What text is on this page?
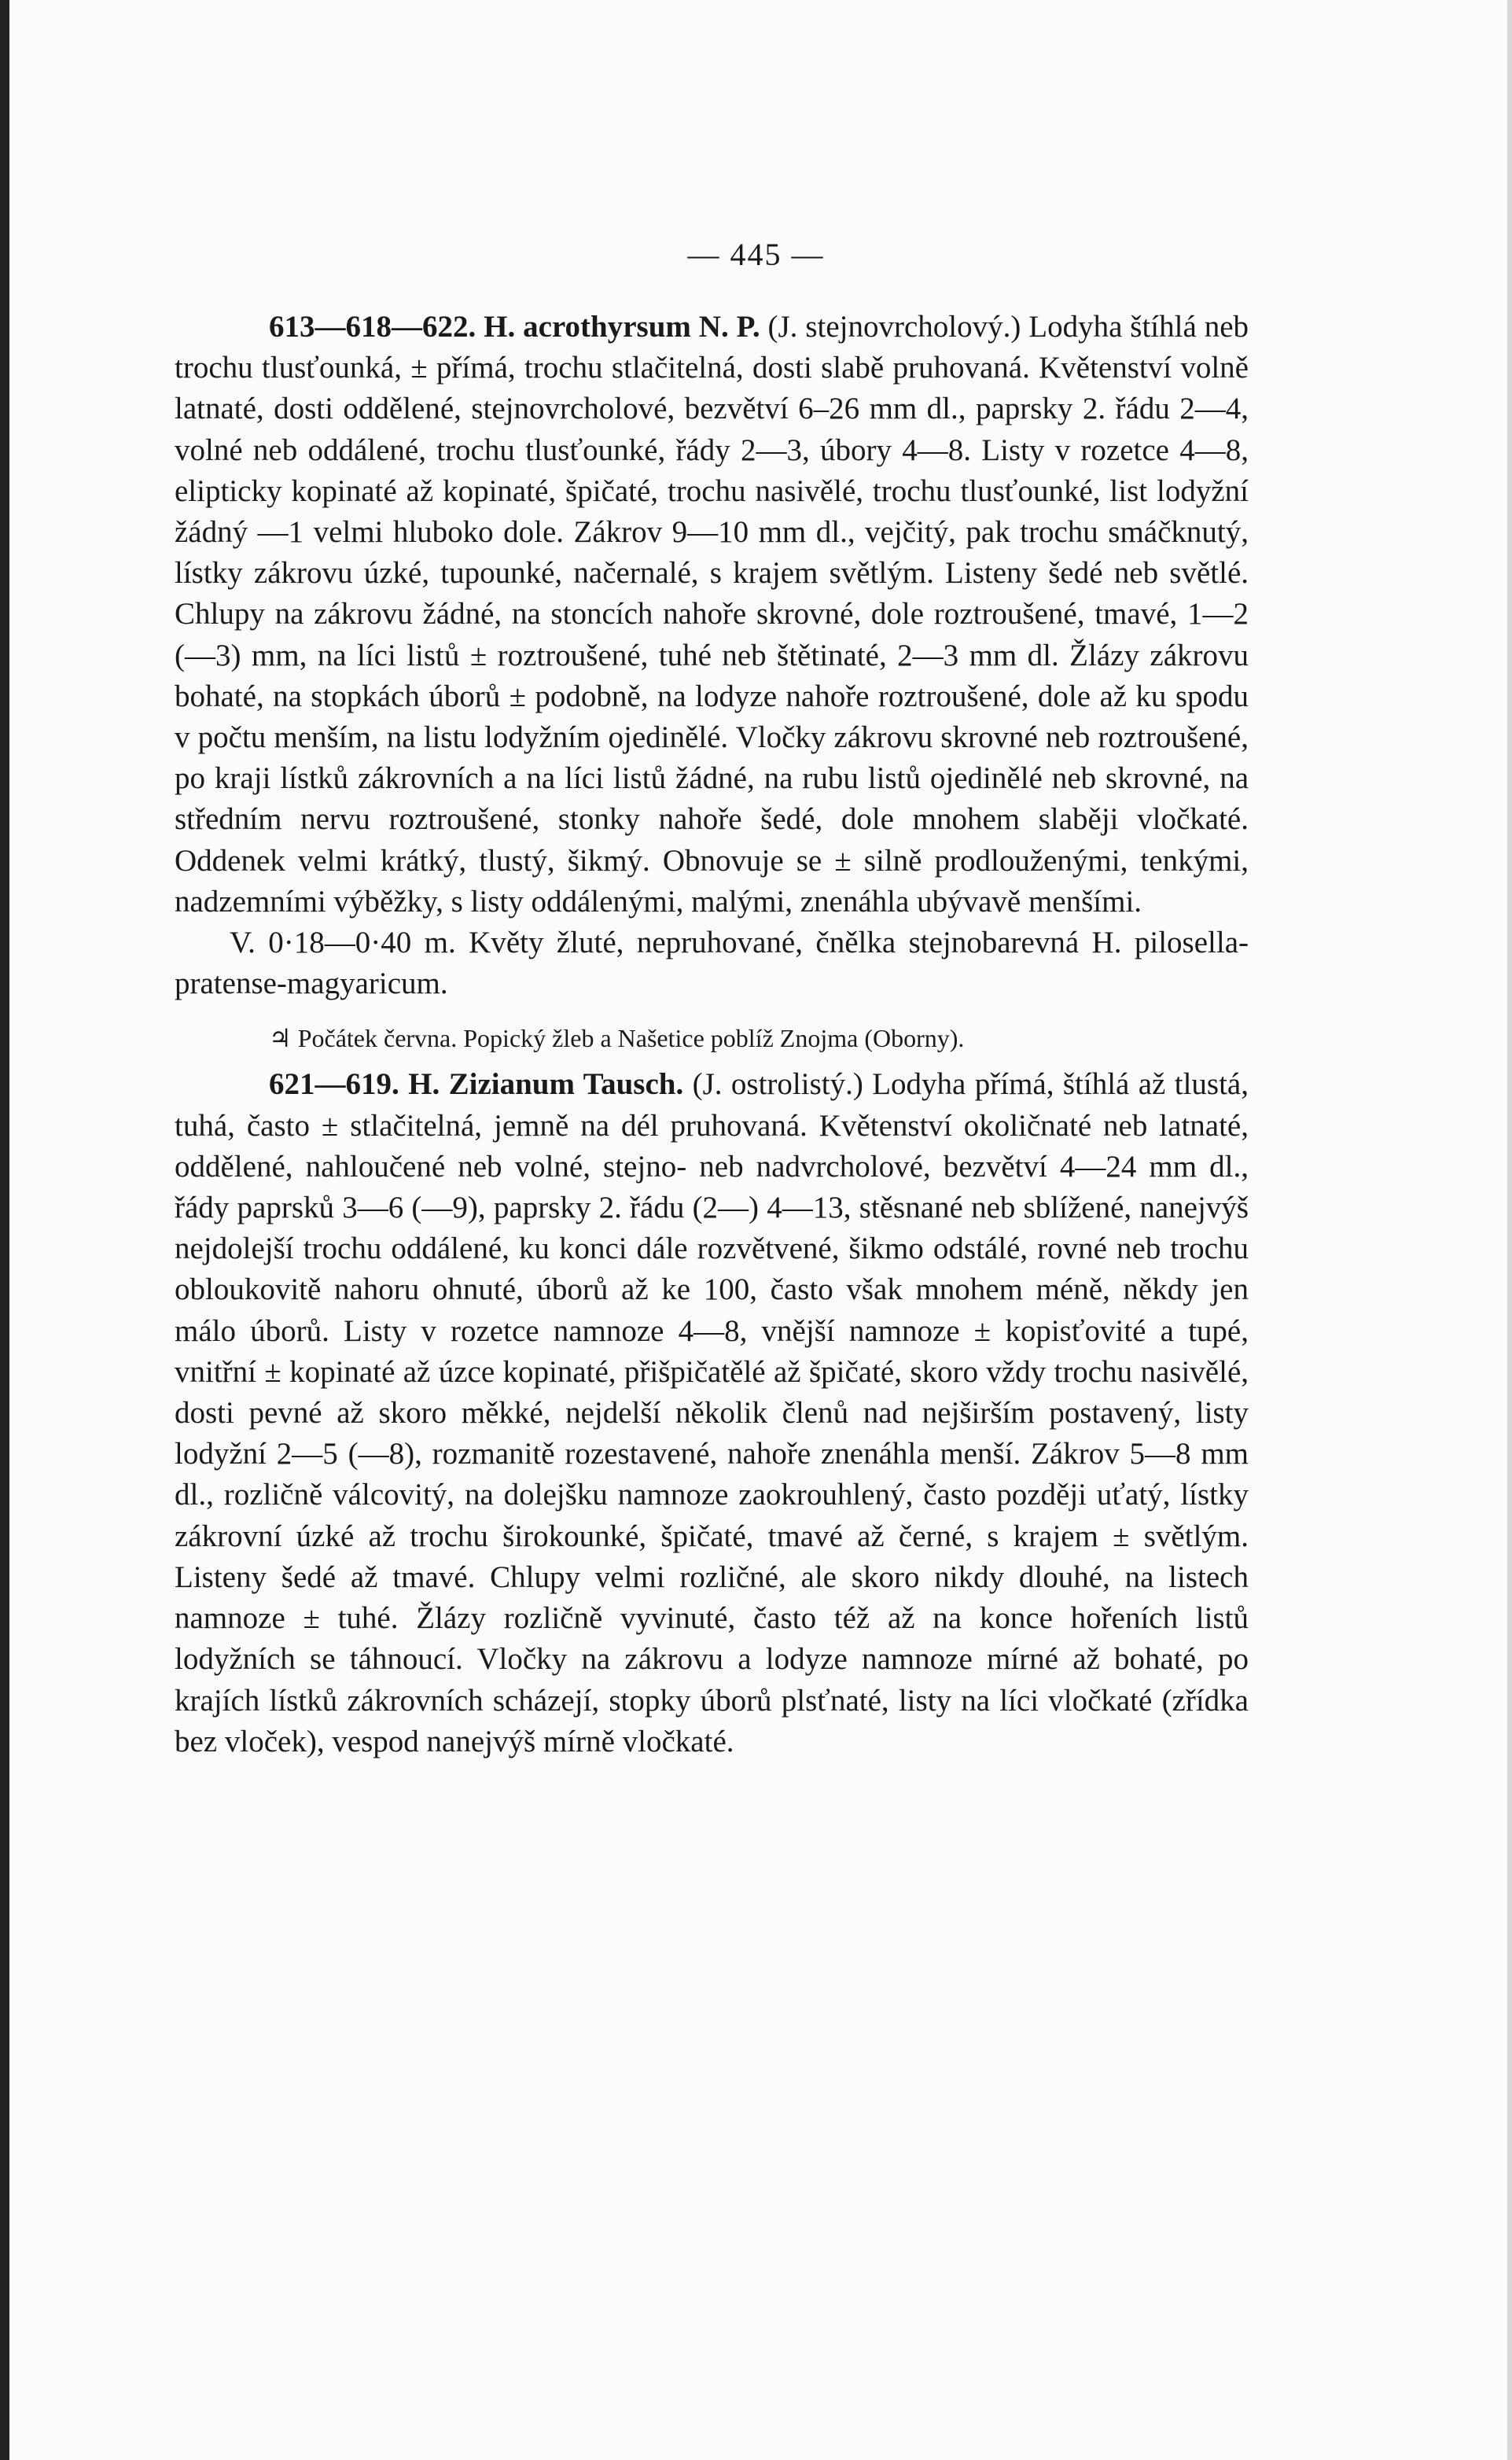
— 445 —

613—618—622. H. acrothyrsum N. P. (J. stejnovrcholový.) Lodyha štíhlá neb trochu tlusťounká, ± přímá, trochu stlačitelná, dosti slabě pruhovaná. Květenství volně latnaté, dosti oddělené, stejnovrcholové, bezvětví 6–26 mm dl., paprsky 2. řádu 2—4, volné neb oddálené, trochu tlusťounké, řády 2—3, úbory 4—8. Listy v rozetce 4—8, elipticky kopinaté až kopinaté, špičaté, trochu nasivělé, trochu tlusťounké, list lodyžní žádný —1 velmi hluboko dole. Zákrov 9—10 mm dl., vejčitý, pak trochu smáčknutý, lístky zákrovu úzké, tupounké, načernalé, s krajem světlým. Listeny šedé neb světlé. Chlupy na zákrovu žádné, na stoncích nahoře skrovné, dole roztroušené, tmavé, 1—2 (—3) mm, na líci listů ± roztroušené, tuhé neb štětinaté, 2—3 mm dl. Žlázy zákrovu bohaté, na stopkách úborů ± podobně, na lodyze nahoře roztroušené, dole až ku spodu v počtu menším, na listu lodyžním ojedinělé. Vločky zákrovu skrovné neb roztroušené, po kraji lístků zákrovních a na líci listů žádné, na rubu listů ojedinělé neb skrovné, na středním nervu roztroušené, stonky nahoře šedé, dole mnohem slaběji vločkaté. Oddenek velmi krátký, tlustý, šikmý. Obnovuje se ± silně prodlouženými, tenkými, nadzemními výběžky, s listy oddálenými, malými, znenáhla ubývavě menšími.

V. 0·18—0·40 m. Květy žluté, nepruhované, čnělka stejnobarevná H. pilosella-pratense-magyaricum.

♃ Počátek června. Popický žleb a Našetice poblíž Znojma (Oborny).

621—619. H. Zizianum Tausch. (J. ostrolistý.) Lodyha přímá, štíhlá až tlustá, tuhá, často ± stlačitelná, jemně na dél pruhovaná. Květenství okoličnaté neb latnaté, oddělené, nahloučené neb volné, stejno- neb nadvrcholové, bezvětví 4—24 mm dl., řády paprsků 3—6 (—9), paprsky 2. řádu (2—) 4—13, stěsnané neb sblížené, nanejvýš nejdolejší trochu oddálené, ku konci dále rozvětvené, šikmo odstálé, rovné neb trochu obloukovitě nahoru ohnuté, úborů až ke 100, často však mnohem méně, někdy jen málo úborů. Listy v rozetce namnoze 4—8, vnější namnoze ± kopisťovité a tupé, vnitřní ± kopinaté až úzce kopinaté, přišpičatělé až špičaté, skoro vždy trochu nasivělé, dosti pevné až skoro měkké, nejdelší několik členů nad nejširším postavený, listy lodyžní 2—5 (—8), rozmanitě rozestavené, nahoře znenáhla menší. Zákrov 5—8 mm dl., rozličně válcovitý, na dolejšku namnoze zaokrouhlený, často později uťatý, lístky zákrovní úzké až trochu širokounké, špičaté, tmavé až černé, s krajem ± světlým. Listeny šedé až tmavé. Chlupy velmi rozličné, ale skoro nikdy dlouhé, na listech namnoze ± tuhé. Žlázy rozličně vyvinuté, často též až na konce hořeních listů lodyžních se táhnoucí. Vločky na zákrovu a lodyze namnoze mírné až bohaté, po krajích lístků zákrovních scházejí, stopky úborů plsťnaté, listy na líci vločkaté (zřídka bez vloček), vespod nanejvýš mírně vločkaté.
